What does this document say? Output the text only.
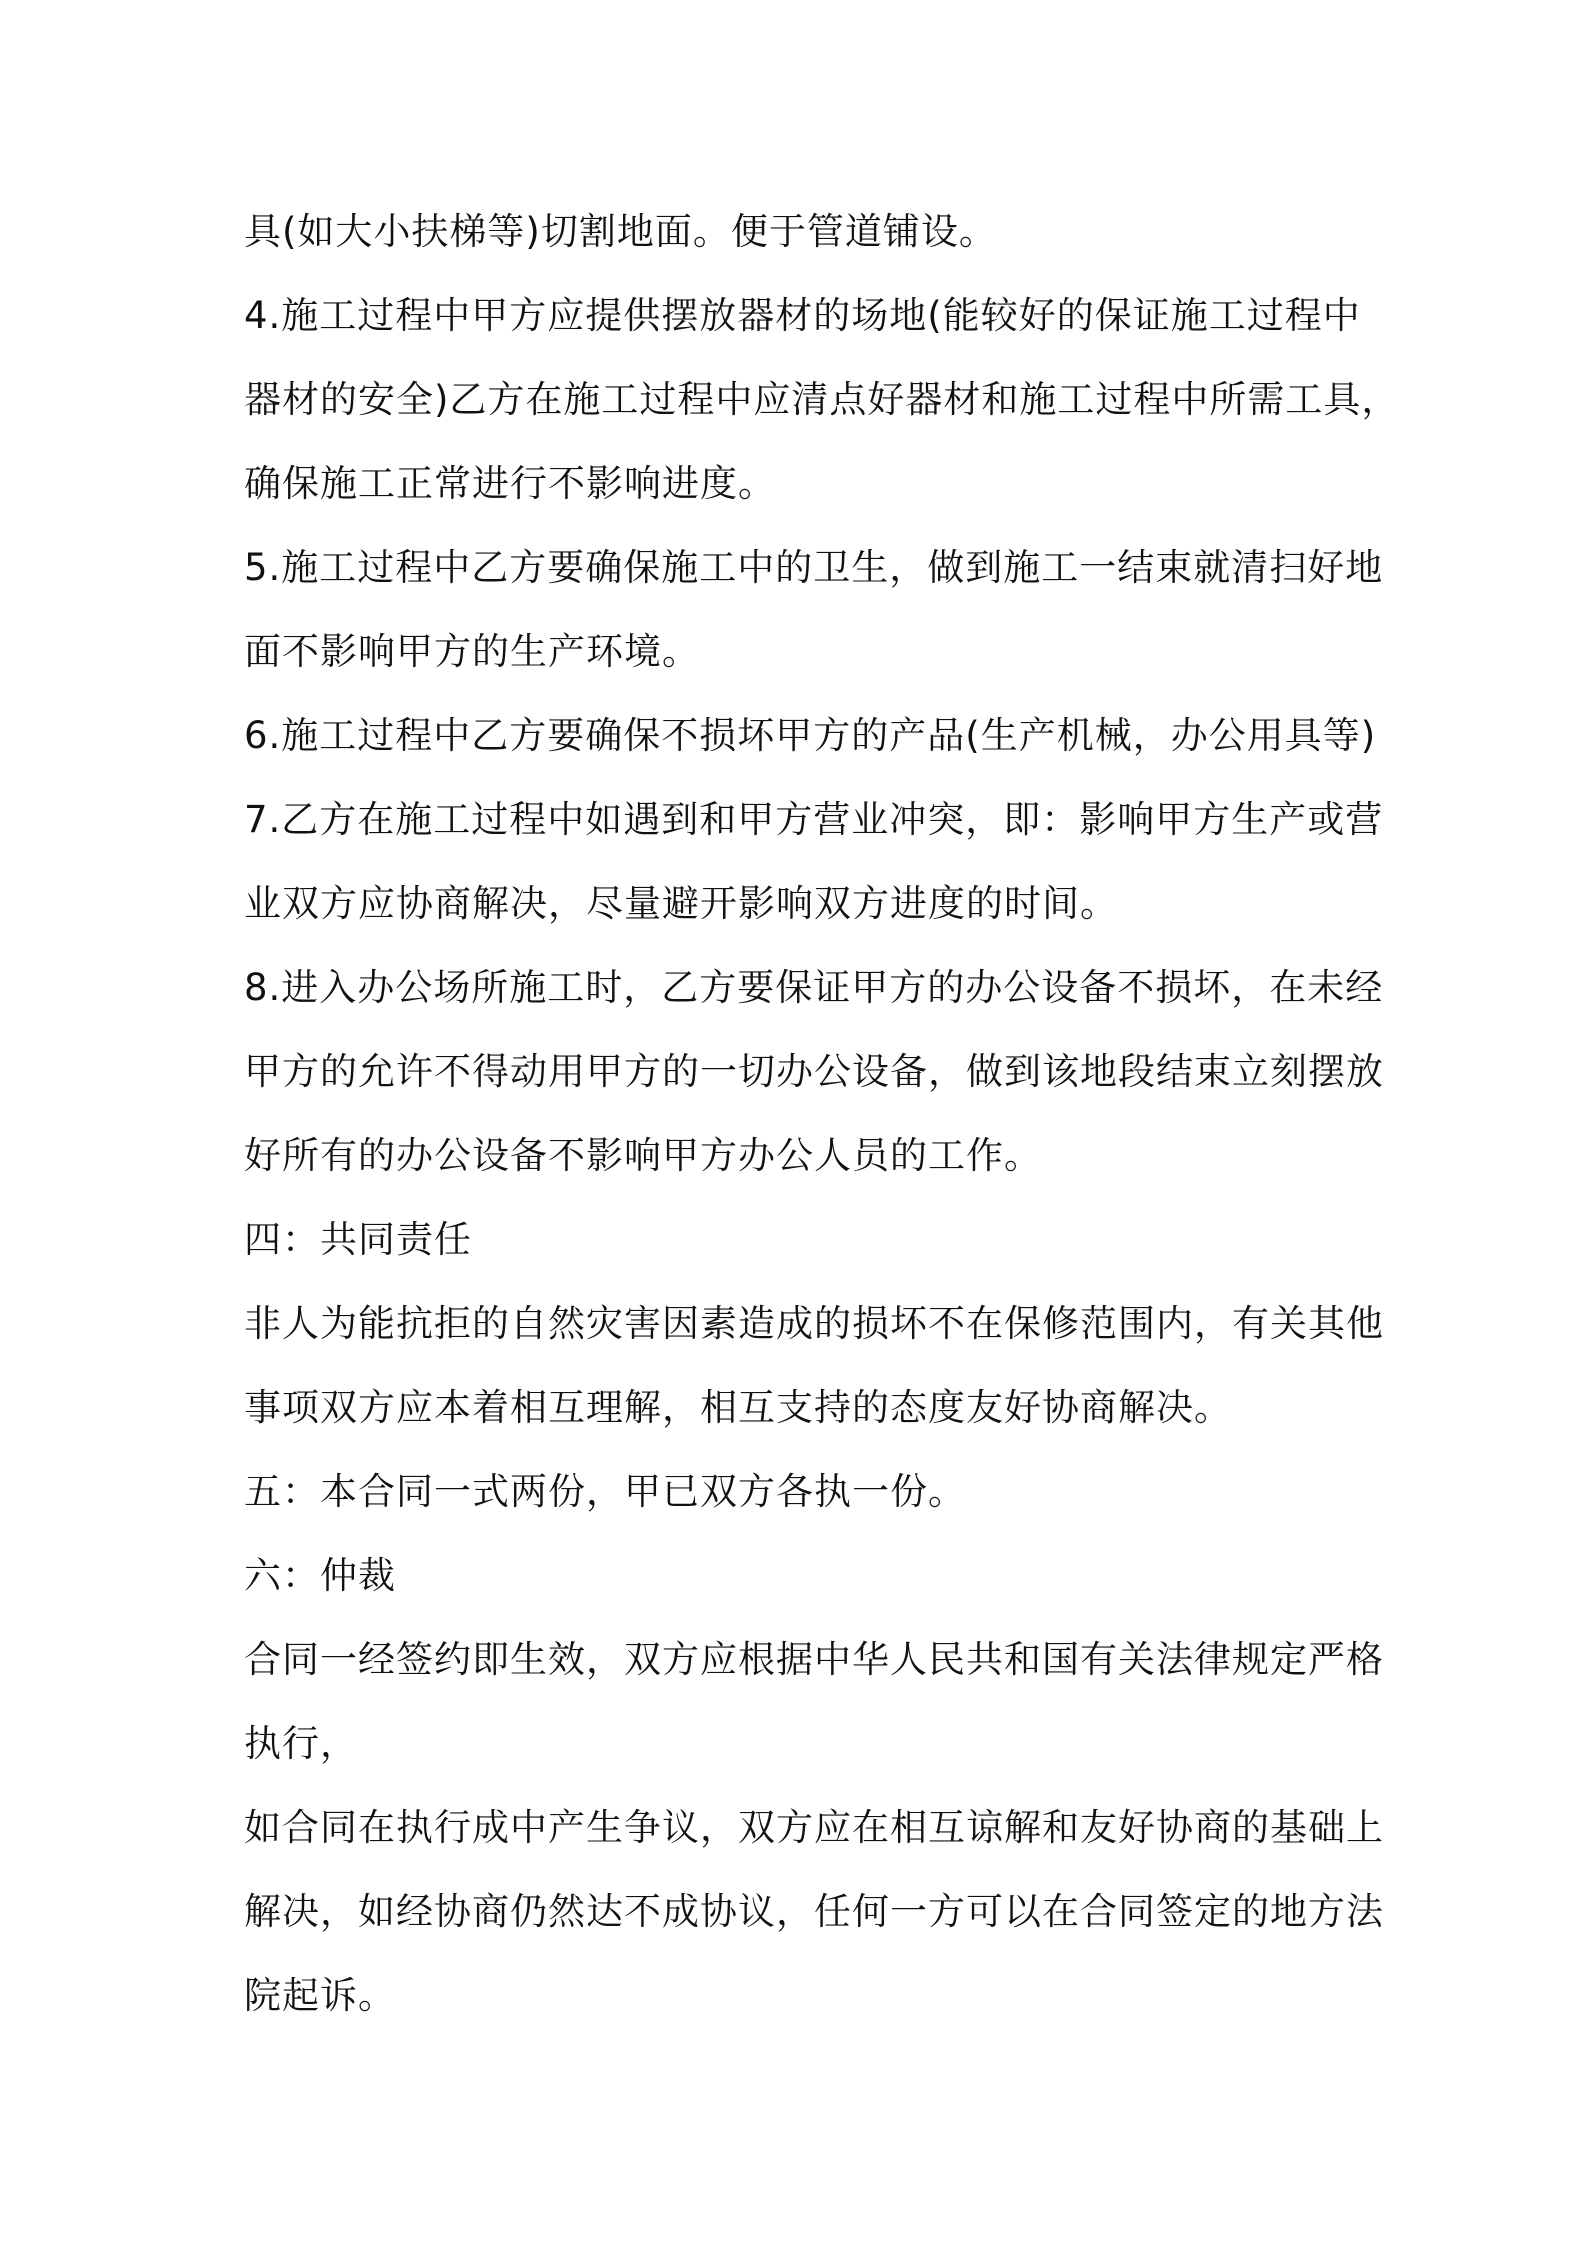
具(如大小扶梯等)切割地面。便于管道铺设。
4.施工过程中甲方应提供摆放器材的场地(能较好的保证施工过程中
器材的安全)乙方在施工过程中应清点好器材和施工过程中所需工具，
确保施工正常进行不影响进度。
5.施工过程中乙方要确保施工中的卫生，做到施工一结束就清扫好地
面不影响甲方的生产环境。
6.施工过程中乙方要确保不损坏甲方的产品(生产机械，办公用具等)
7.乙方在施工过程中如遇到和甲方营业冲突，即：影响甲方生产或营
业双方应协商解决，尽量避开影响双方进度的时间。
8.进入办公场所施工时，乙方要保证甲方的办公设备不损坏，在未经
甲方的允许不得动用甲方的一切办公设备，做到该地段结束立刻摆放
好所有的办公设备不影响甲方办公人员的工作。
四：共同责任
非人为能抗拒的自然灾害因素造成的损坏不在保修范围内，有关其他
事项双方应本着相互理解，相互支持的态度友好协商解决。
五：本合同一式两份，甲已双方各执一份。
六：仲裁
合同一经签约即生效，双方应根据中华人民共和国有关法律规定严格
执行，
如合同在执行成中产生争议，双方应在相互谅解和友好协商的基础上
解决，如经协商仍然达不成协议，任何一方可以在合同签定的地方法
院起诉。
